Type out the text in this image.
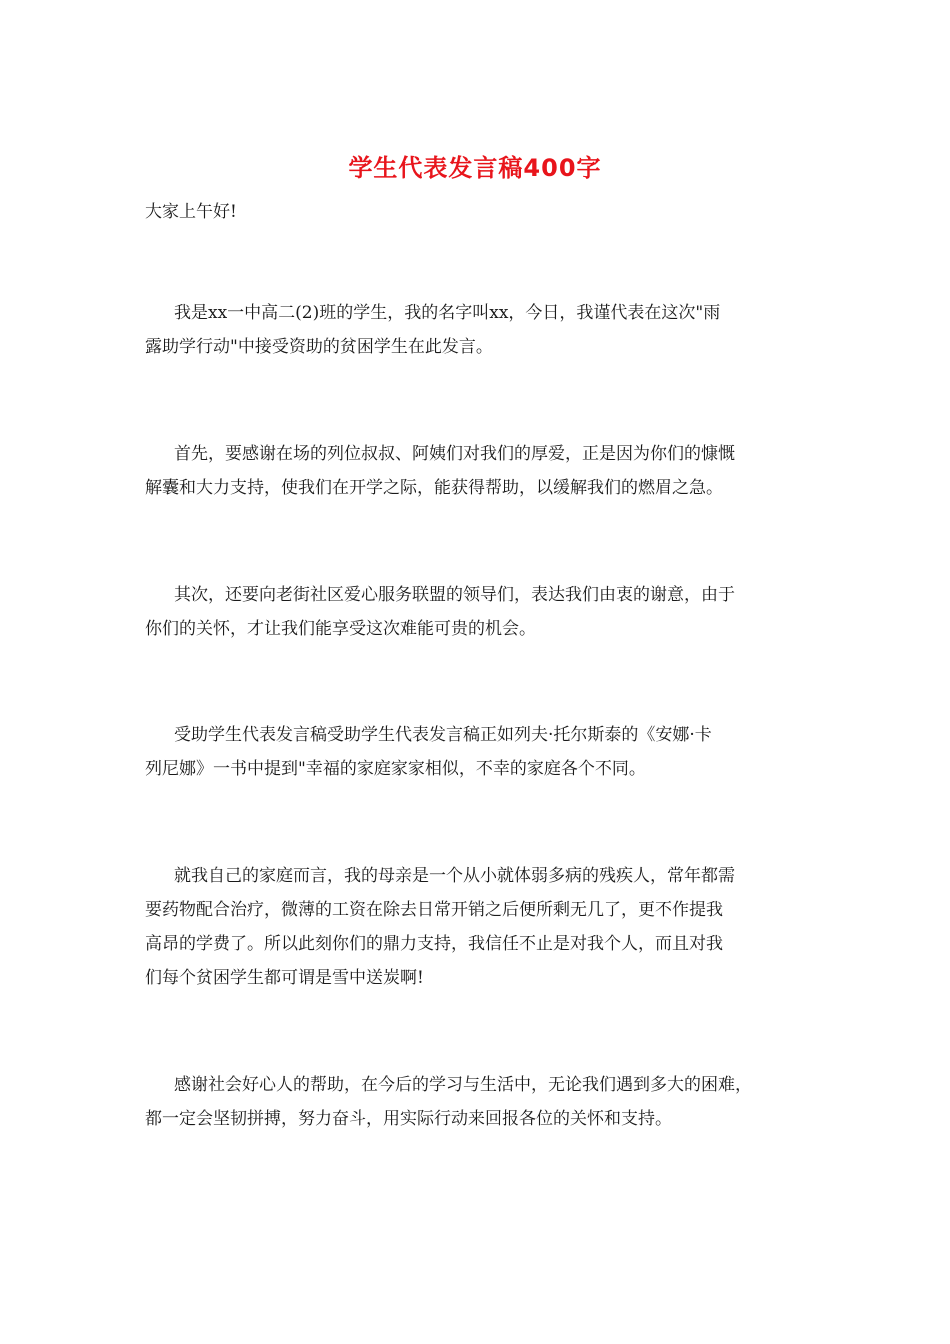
学生代表发言稿400字
大家上午好!
我是xx一中高二(2)班的学生，我的名字叫xx，今日，我谨代表在这次"雨
露助学行动"中接受资助的贫困学生在此发言。
首先，要感谢在场的列位叔叔、阿姨们对我们的厚爱，正是因为你们的慷慨
解囊和大力支持，使我们在开学之际，能获得帮助，以缓解我们的燃眉之急。
其次，还要向老街社区爱心服务联盟的领导们，表达我们由衷的谢意，由于
你们的关怀，才让我们能享受这次难能可贵的机会。
受助学生代表发言稿受助学生代表发言稿正如列夫·托尔斯泰的《安娜·卡
列尼娜》一书中提到"幸福的家庭家家相似，不幸的家庭各个不同。
就我自己的家庭而言，我的母亲是一个从小就体弱多病的残疾人，常年都需
要药物配合治疗，微薄的工资在除去日常开销之后便所剩无几了，更不作提我
高昂的学费了。所以此刻你们的鼎力支持，我信任不止是对我个人，而且对我
们每个贫困学生都可谓是雪中送炭啊!
感谢社会好心人的帮助，在今后的学习与生活中，无论我们遇到多大的困难，
都一定会坚韧拼搏，努力奋斗，用实际行动来回报各位的关怀和支持。
